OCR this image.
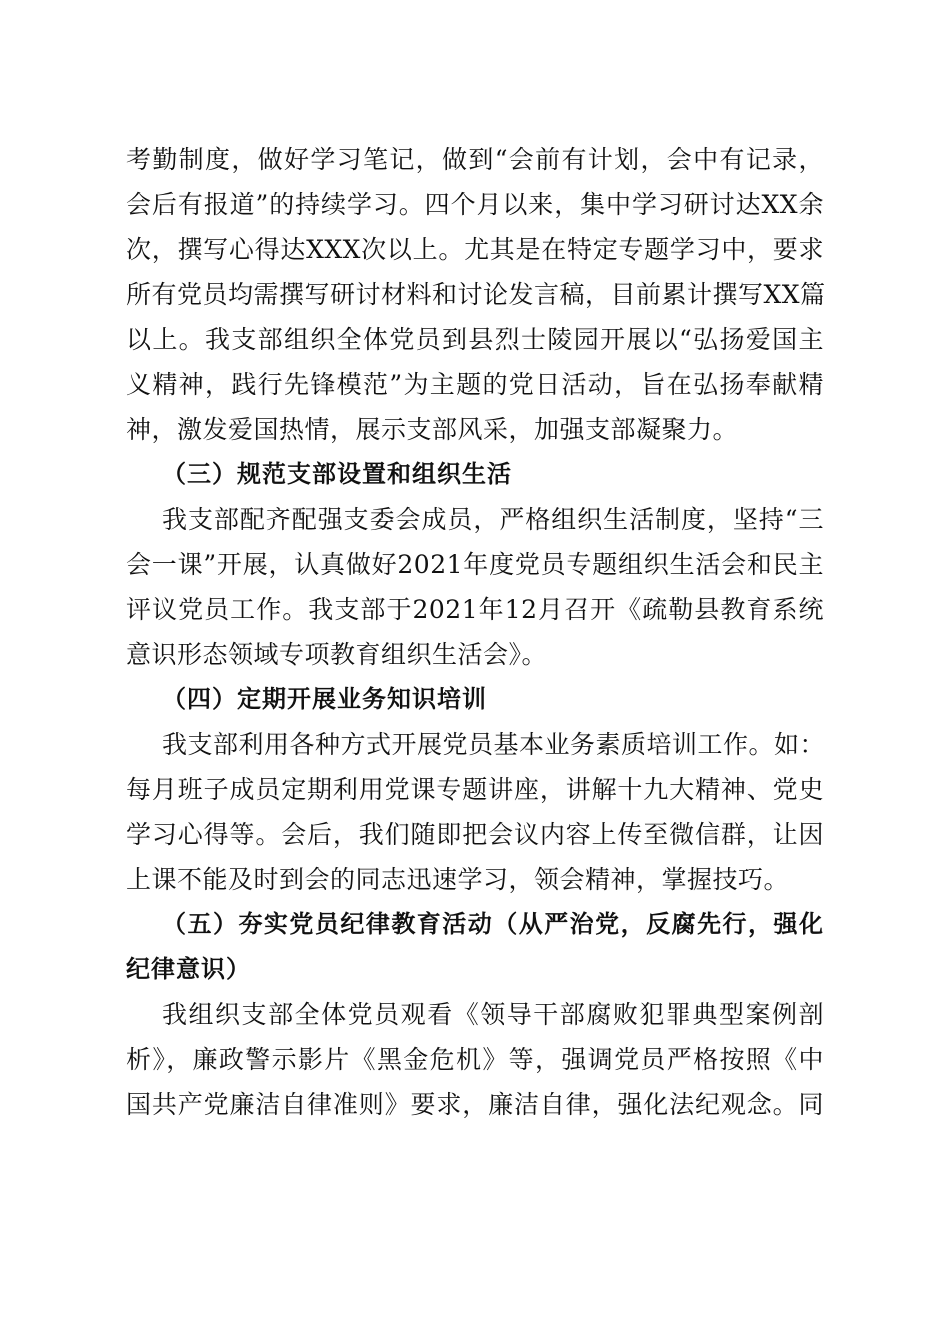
考勤制度，做好学习笔记，做到“会前有计划，会中有记录，
会后有报道”的持续学习。四个月以来，集中学习研讨达XX余
次，撰写心得达XXX次以上。尤其是在特定专题学习中，要求
所有党员均需撰写研讨材料和讨论发言稿，目前累计撰写XX篇
以上。我支部组织全体党员到县烈士陵园开展以“弘扬爱国主
义精神，践行先锋模范”为主题的党日活动，旨在弘扬奉献精
神，激发爱国热情，展示支部风采，加强支部凝聚力。
（三）规范支部设置和组织生活
我支部配齐配强支委会成员，严格组织生活制度，坚持“三
会一课”开展，认真做好2021年度党员专题组织生活会和民主
评议党员工作。我支部于2021年12月召开《疏勒县教育系统
意识形态领域专项教育组织生活会》。
（四）定期开展业务知识培训
我支部利用各种方式开展党员基本业务素质培训工作。如：
每月班子成员定期利用党课专题讲座，讲解十九大精神、党史
学习心得等。会后，我们随即把会议内容上传至微信群，让因
上课不能及时到会的同志迅速学习，领会精神，掌握技巧。
（五）夯实党员纪律教育活动（从严治党，反腐先行，强化
纪律意识）
我组织支部全体党员观看《领导干部腐败犯罪典型案例剖
析》，廉政警示影片《黑金危机》等，强调党员严格按照《中
国共产党廉洁自律准则》要求，廉洁自律，强化法纪观念。同
